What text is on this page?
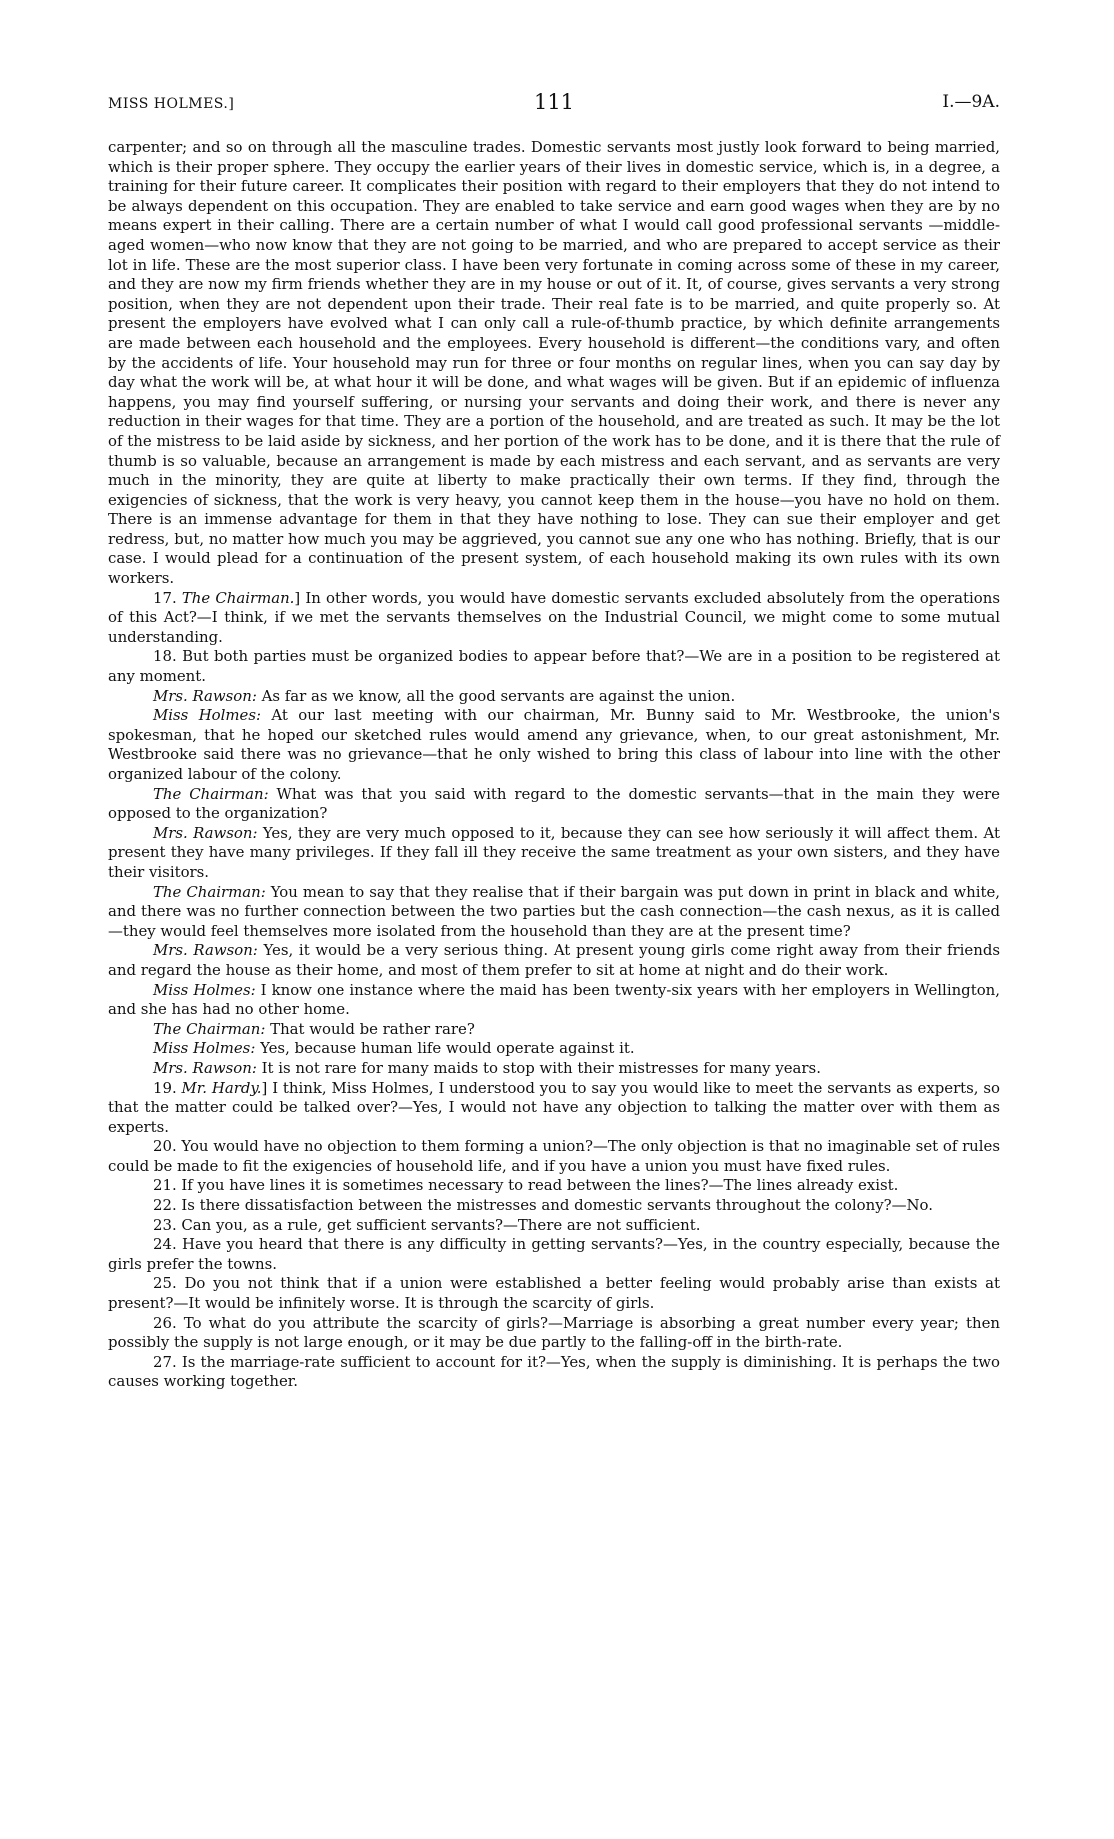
MISS HOLMES.]	111	I.—9A.

carpenter; and so on through all the masculine trades. Domestic servants most justly look forward to being married, which is their proper sphere. They occupy the earlier years of their lives in domestic service, which is, in a degree, a training for their future career. It complicates their position with regard to their employers that they do not intend to be always dependent on this occupation. They are enabled to take service and earn good wages when they are by no means expert in their calling. There are a certain number of what I would call good professional servants —middle-aged women—who now know that they are not going to be married, and who are prepared to accept service as their lot in life. These are the most superior class. I have been very fortunate in coming across some of these in my career, and they are now my firm friends whether they are in my house or out of it. It, of course, gives servants a very strong position, when they are not dependent upon their trade. Their real fate is to be married, and quite properly so. At present the employers have evolved what I can only call a rule-of-thumb practice, by which definite arrangements are made between each household and the employees. Every household is different—the conditions vary, and often by the accidents of life. Your household may run for three or four months on regular lines, when you can say day by day what the work will be, at what hour it will be done, and what wages will be given. But if an epidemic of influenza happens, you may find yourself suffering, or nursing your servants and doing their work, and there is never any reduction in their wages for that time. They are a portion of the household, and are treated as such. It may be the lot of the mistress to be laid aside by sickness, and her portion of the work has to be done, and it is there that the rule of thumb is so valuable, because an arrangement is made by each mistress and each servant, and as servants are very much in the minority, they are quite at liberty to make practically their own terms. If they find, through the exigencies of sickness, that the work is very heavy, you cannot keep them in the house—you have no hold on them. There is an immense advantage for them in that they have nothing to lose. They can sue their employer and get redress, but, no matter how much you may be aggrieved, you cannot sue any one who has nothing. Briefly, that is our case. I would plead for a continuation of the present system, of each household making its own rules with its own workers.

17. The Chairman.] In other words, you would have domestic servants excluded absolutely from the operations of this Act?—I think, if we met the servants themselves on the Industrial Council, we might come to some mutual understanding.

18. But both parties must be organized bodies to appear before that?—We are in a position to be registered at any moment.

Mrs. Rawson: As far as we know, all the good servants are against the union.

Miss Holmes: At our last meeting with our chairman, Mr. Bunny said to Mr. Westbrooke, the union's spokesman, that he hoped our sketched rules would amend any grievance, when, to our great astonishment, Mr. Westbrooke said there was no grievance—that he only wished to bring this class of labour into line with the other organized labour of the colony.

The Chairman: What was that you said with regard to the domestic servants—that in the main they were opposed to the organization?

Mrs. Rawson: Yes, they are very much opposed to it, because they can see how seriously it will affect them. At present they have many privileges. If they fall ill they receive the same treatment as your own sisters, and they have their visitors.

The Chairman: You mean to say that they realise that if their bargain was put down in print in black and white, and there was no further connection between the two parties but the cash connection—the cash nexus, as it is called—they would feel themselves more isolated from the household than they are at the present time?

Mrs. Rawson: Yes, it would be a very serious thing. At present young girls come right away from their friends and regard the house as their home, and most of them prefer to sit at home at night and do their work.

Miss Holmes: I know one instance where the maid has been twenty-six years with her employers in Wellington, and she has had no other home.

The Chairman: That would be rather rare?

Miss Holmes: Yes, because human life would operate against it.

Mrs. Rawson: It is not rare for many maids to stop with their mistresses for many years.

19. Mr. Hardy.] I think, Miss Holmes, I understood you to say you would like to meet the servants as experts, so that the matter could be talked over?—Yes, I would not have any objection to talking the matter over with them as experts.

20. You would have no objection to them forming a union?—The only objection is that no imaginable set of rules could be made to fit the exigencies of household life, and if you have a union you must have fixed rules.

21. If you have lines it is sometimes necessary to read between the lines?—The lines already exist.

22. Is there dissatisfaction between the mistresses and domestic servants throughout the colony?—No.

23. Can you, as a rule, get sufficient servants?—There are not sufficient.

24. Have you heard that there is any difficulty in getting servants?—Yes, in the country especially, because the girls prefer the towns.

25. Do you not think that if a union were established a better feeling would probably arise than exists at present?—It would be infinitely worse. It is through the scarcity of girls.

26. To what do you attribute the scarcity of girls?—Marriage is absorbing a great number every year; then possibly the supply is not large enough, or it may be due partly to the falling-off in the birth-rate.

27. Is the marriage-rate sufficient to account for it?—Yes, when the supply is diminishing. It is perhaps the two causes working together.
